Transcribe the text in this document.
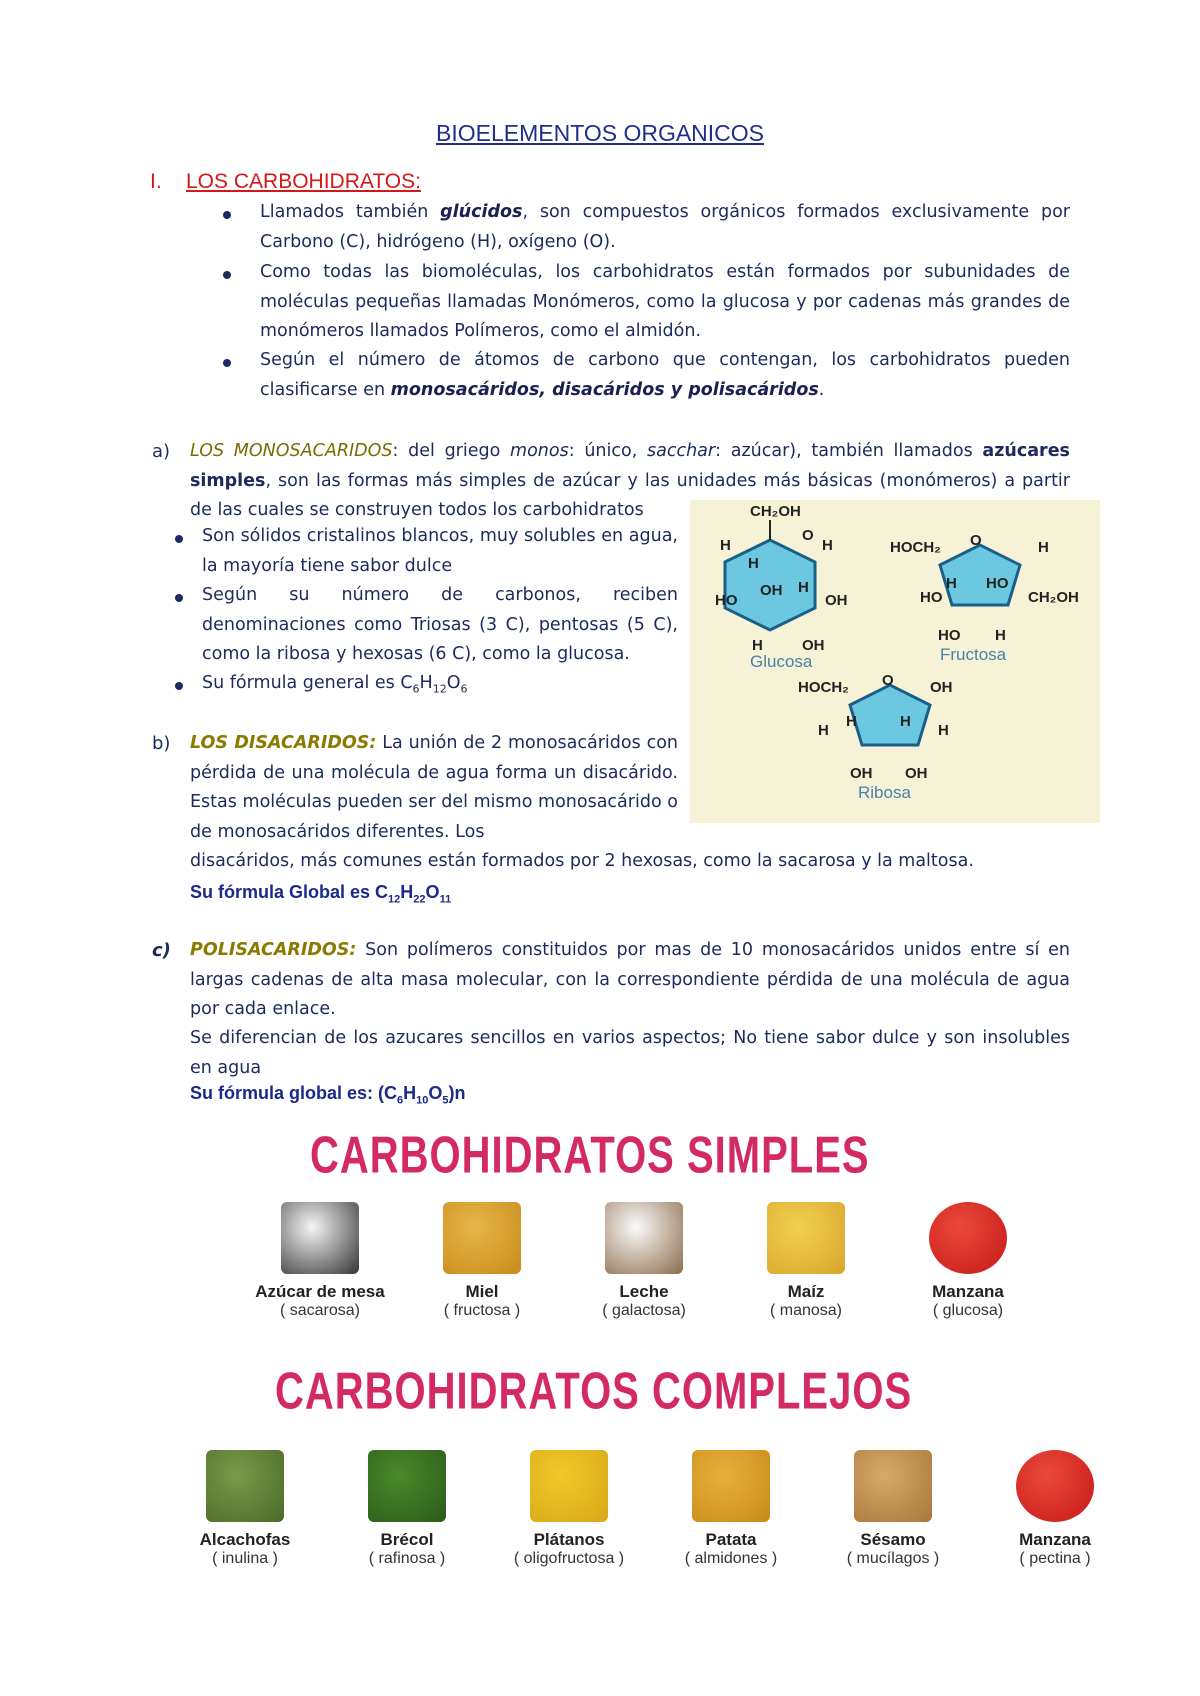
BIOELEMENTOS ORGANICOS
I. LOS CARBOHIDRATOS:
Llamados también glúcidos, son compuestos orgánicos formados exclusivamente por Carbono (C), hidrógeno (H), oxígeno (O).
Como todas las biomoléculas, los carbohidratos están formados por subunidades de moléculas pequeñas llamadas Monómeros, como la glucosa y por cadenas más grandes de monómeros llamados Polímeros, como el almidón.
Según el número de átomos de carbono que contengan, los carbohidratos pueden clasificarse en monosacáridos, disacáridos y polisacáridos.
a) LOS MONOSACARIDOS: del griego monos: único, sacchar: azúcar), también llamados azúcares simples, son las formas más simples de azúcar y las unidades más básicas (monómeros) a partir de las cuales se construyen todos los carbohidratos
Son sólidos cristalinos blancos, muy solubles en agua, la mayoría tiene sabor dulce
Según su número de carbonos, reciben denominaciones como Triosas (3 C), pentosas (5 C), como la ribosa y hexosas (6 C), como la glucosa.
Su fórmula general es $C_6H_{12}O_6$
b) LOS DISACARIDOS: La unión de 2 monosacáridos con pérdida de una molécula de agua forma un disacárido. Estas moléculas pueden ser del mismo monosacárido o de monosacáridos diferentes. Los
disacáridos, más comunes están formados por 2 hexosas, como la sacarosa y la maltosa.
Su fórmula Global es $C_{12}H_{22}O_{11}$
c) POLISACARIDOS: Son polímeros constituidos por mas de 10 monosacáridos unidos entre sí en largas cadenas de alta masa molecular, con la correspondiente pérdida de una molécula de agua por cada enlace.
Se diferencian de los azucares sencillos en varios aspectos; No tiene sabor dulce y son insolubles en agua
Su fórmula global es: $(C_6H_{10}O_5)n$
CH₂OH
O
H
H
H
HO
OH H
OH
H	OH
Glucosa
HOCH₂ O	H
HO
H HO
CH₂OH
HO H
Fructosa
HOCH₂ O OH
H
H	H
H
OH OH
Ribosa
CARBOHIDRATOS SIMPLES
CARBOHIDRATOS COMPLEJOS
Azúcar de mesa
( sacarosa)
Miel
( fructosa )
Leche
( galactosa)
Maíz
( manosa)
Manzana
( glucosa)
Alcachofas
( inulina )
Brécol
( rafinosa )
Plátanos
( oligofructosa )
Patata
( almidones )
Sésamo
( mucílagos )
Manzana
( pectina )
